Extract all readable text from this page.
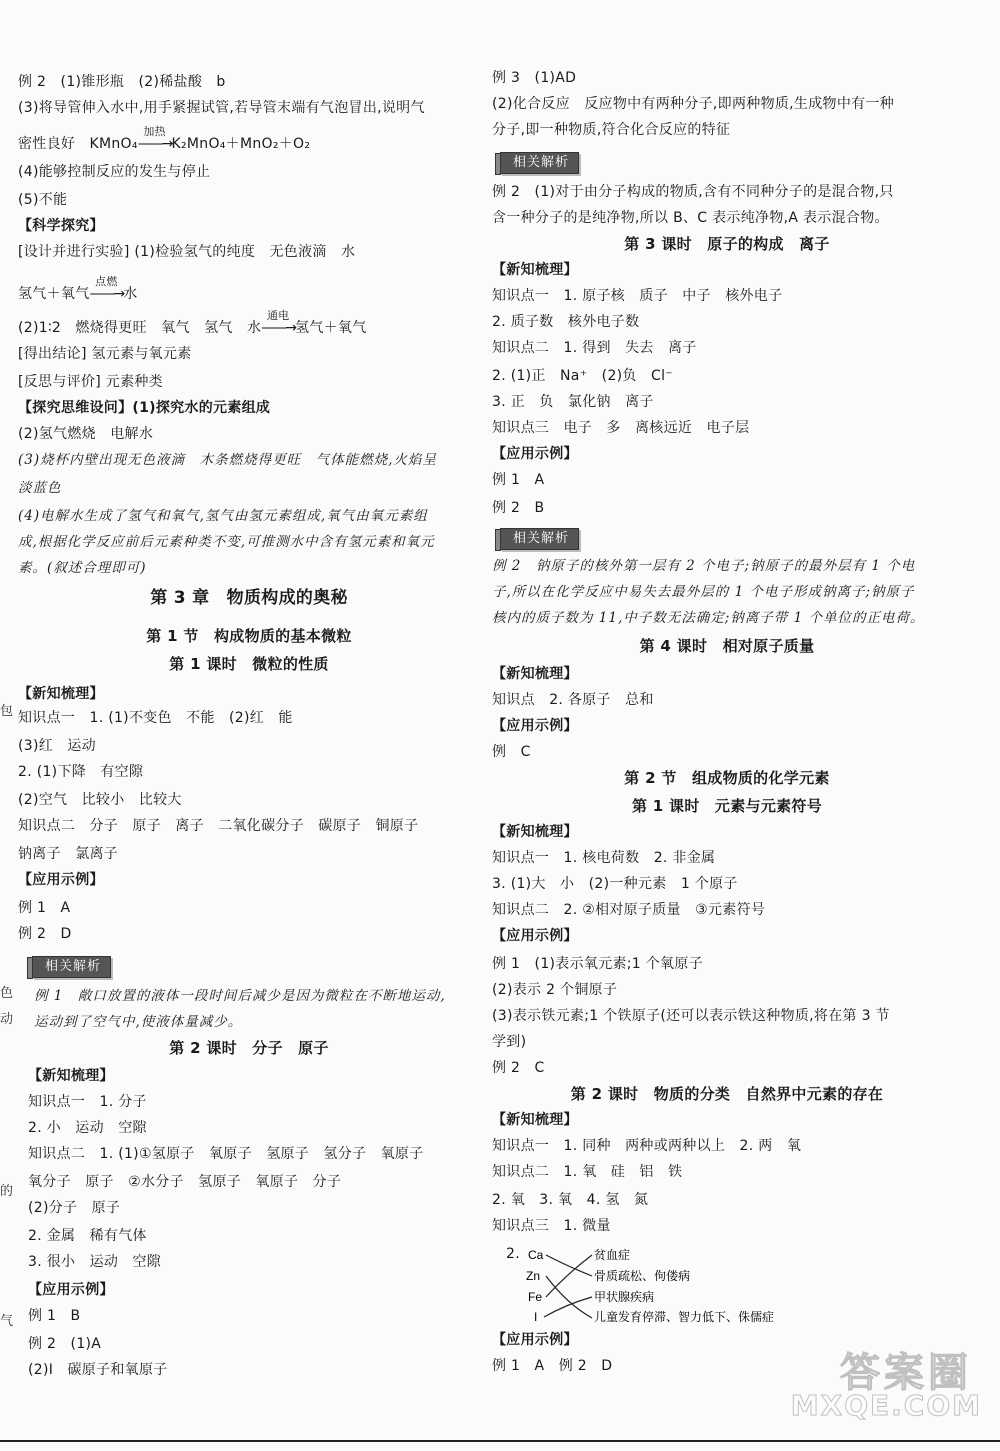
例 2　(1)锥形瓶　(2)稀盐酸　b
(3)将导管伸入水中,用手紧握试管,若导管末端有气泡冒出,说明气
密性良好　KMnO₄
加热
——→K₂MnO₄＋MnO₂＋O₂
(4)能够控制反应的发生与停止
(5)不能
【科学探究】
[设计并进行实验] (1)检验氢气的纯度　无色液滴　水
氢气＋氧气
点燃
——→水
(2)1∶2　燃烧得更旺　氧气　氢气　水
通电
——→氢气＋氧气
[得出结论] 氢元素与氧元素
[反思与评价] 元素种类
【探究思维设问】(1)探究水的元素组成
(2)氢气燃烧　电解水
(3)烧杯内壁出现无色液滴　木条燃烧得更旺　气体能燃烧,火焰呈
淡蓝色
(4)电解水生成了氢气和氧气,氢气由氢元素组成,氧气由氧元素组
成,根据化学反应前后元素种类不变,可推测水中含有氢元素和氧元
素。(叙述合理即可)
第 3 章　物质构成的奥秘
第 1 节　构成物质的基本微粒
第 1 课时　微粒的性质
【新知梳理】
知识点一　1. (1)不变色　不能　(2)红　能
(3)红　运动
2. (1)下降　有空隙
(2)空气　比较小　比较大
知识点二　分子　原子　离子　二氧化碳分子　碳原子　铜原子
钠离子　氯离子
【应用示例】
例 1　A
例 2　D
相关解析
例 1　敞口放置的液体一段时间后减少是因为微粒在不断地运动,
运动到了空气中,使液体量减少。
第 2 课时　分子　原子
【新知梳理】
知识点一　1. 分子
2. 小　运动　空隙
知识点二　1. (1)①氢原子　氧原子　氢原子　氢分子　氧原子
氧分子　原子　②水分子　氢原子　氧原子　分子
(2)分子　原子
2. 金属　稀有气体
3. 很小　运动　空隙
【应用示例】
例 1　B
例 2　(1)A
(2)Ⅰ　碳原子和氧原子
包
色
动
的
气
例 3　(1)AD
(2)化合反应　反应物中有两种分子,即两种物质,生成物中有一种
分子,即一种物质,符合化合反应的特征
相关解析
例 2　(1)对于由分子构成的物质,含有不同种分子的是混合物,只
含一种分子的是纯净物,所以 B、C 表示纯净物,A 表示混合物。
第 3 课时　原子的构成　离子
【新知梳理】
知识点一　1. 原子核　质子　中子　核外电子
2. 质子数　核外电子数
知识点二　1. 得到　失去　离子
2. (1)正　Na⁺　(2)负　Cl⁻
3. 正　负　氯化钠　离子
知识点三　电子　多　离核远近　电子层
【应用示例】
例 1　A
例 2　B
相关解析
例 2　钠原子的核外第一层有 2 个电子;钠原子的最外层有 1 个电
子,所以在化学反应中易失去最外层的 1 个电子形成钠离子;钠原子
核内的质子数为 11,中子数无法确定;钠离子带 1 个单位的正电荷。
第 4 课时　相对原子质量
【新知梳理】
知识点　2. 各原子　总和
【应用示例】
例　C
第 2 节　组成物质的化学元素
第 1 课时　元素与元素符号
【新知梳理】
知识点一　1. 核电荷数　2. 非金属
3. (1)大　小　(2)一种元素　1 个原子
知识点二　2. ②相对原子质量　③元素符号
【应用示例】
例 1　(1)表示氧元素;1 个氧原子
(2)表示 2 个铜原子
(3)表示铁元素;1 个铁原子(还可以表示铁这种物质,将在第 3 节
学到)
例 2　C
第 2 课时　物质的分类　自然界中元素的存在
【新知梳理】
知识点一　1. 同种　两种或两种以上　2. 两　氧
知识点二　1. 氧　硅　铝　铁
2. 氧　3. 氧　4. 氢　氮
知识点三　1. 微量
2. Ca
Zn
Fe
I
贫血症
骨质疏松、佝偻病
甲状腺疾病
儿童发育停滞、智力低下、侏儒症
【应用示例】
例 1　A　例 2　D	答案圈
MXQE.COM
